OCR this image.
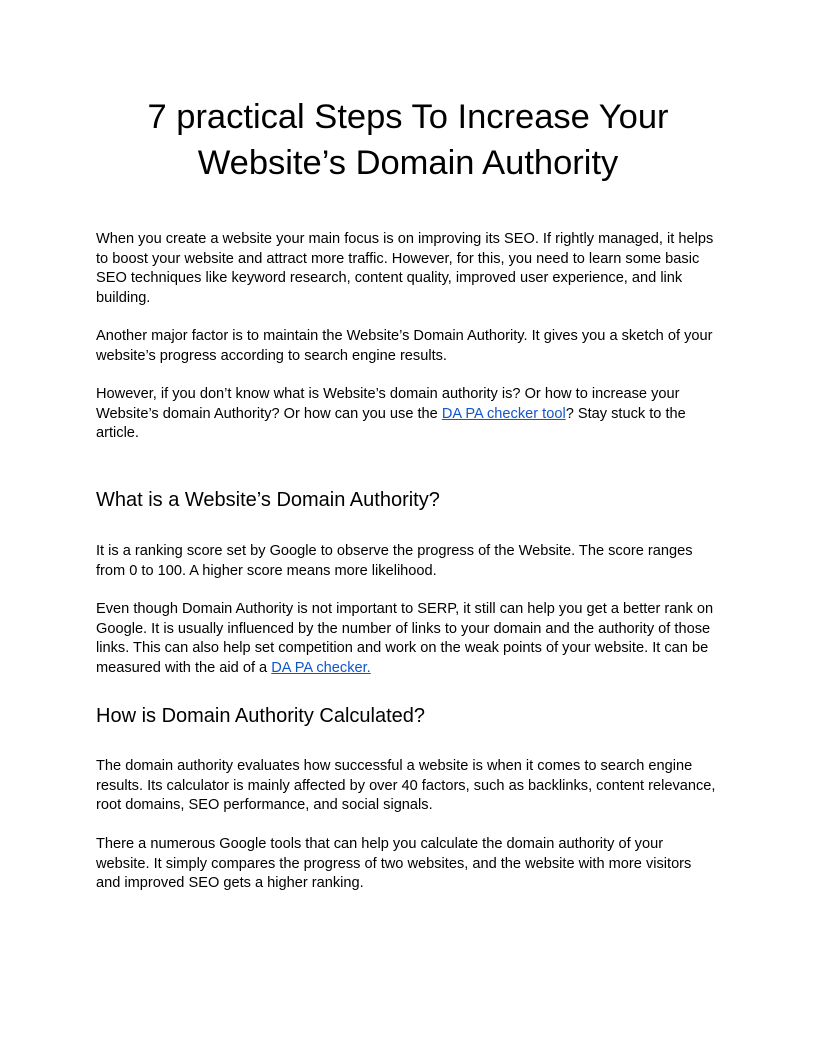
7 practical Steps To Increase Your
Website’s Domain Authority

When you create a website your main focus is on improving its SEO. If rightly managed, it helps
to boost your website and attract more traffic. However, for this, you need to learn some basic
SEO techniques like keyword research, content quality, improved user experience, and link
building.

Another major factor is to maintain the Website’s Domain Authority. It gives you a sketch of your
website’s progress according to search engine results.

However, if you don’t know what is Website’s domain authority is? Or how to increase your
Website’s domain Authority? Or how can you use the DA PA checker tool? Stay stuck to the
article.

What is a Website’s Domain Authority?

It is a ranking score set by Google to observe the progress of the Website. The score ranges
from 0 to 100. A higher score means more likelihood.

Even though Domain Authority is not important to SERP, it still can help you get a better rank on
Google. It is usually influenced by the number of links to your domain and the authority of those
links. This can also help set competition and work on the weak points of your website. It can be
measured with the aid of a DA PA checker.

How is Domain Authority Calculated?

The domain authority evaluates how successful a website is when it comes to search engine
results. Its calculator is mainly affected by over 40 factors, such as backlinks, content relevance,
root domains, SEO performance, and social signals.

There a numerous Google tools that can help you calculate the domain authority of your
website. It simply compares the progress of two websites, and the website with more visitors
and improved SEO gets a higher ranking.
